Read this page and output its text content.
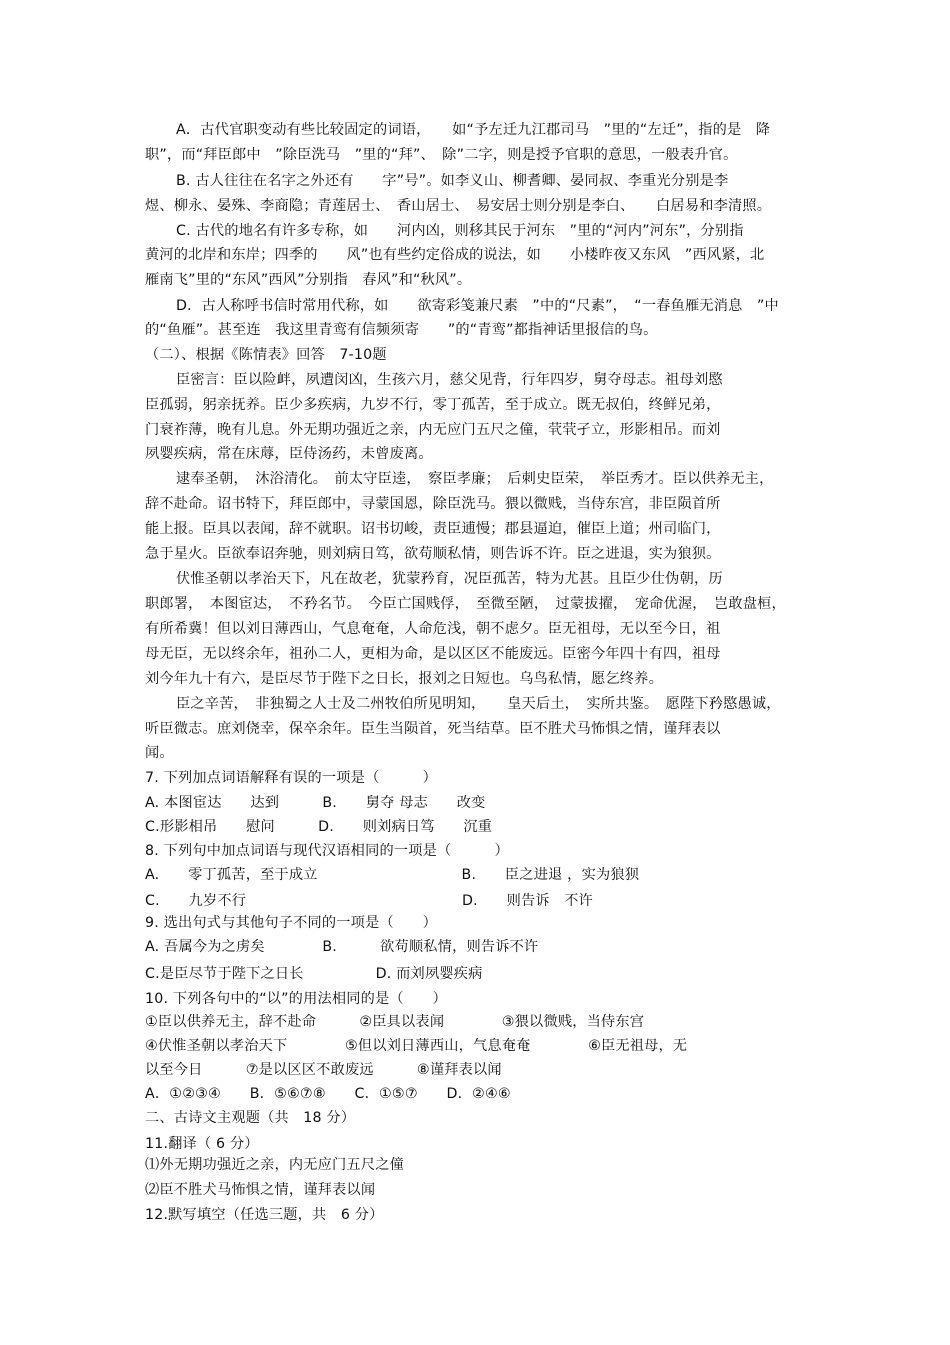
A．古代官职变动有些比较固定的词语，　　如“予左迁九江郡司马　”里的“左迁”，指的是　降

职”，而“拜臣郎中　”除臣洗马　”里的“拜”、　除”二字，则是授予官职的意思，一般表升官。

B. 古人往往在名字之外还有　　字”号”。如李义山、柳耆卿、晏同叔、李重光分别是李

煜、柳永、晏殊、李商隐；青莲居士、　香山居士、　易安居士则分别是李白、　　白居易和李清照。

C. 古代的地名有许多专称，如　　河内凶，则移其民于河东　”里的“河内”河东”，分别指

黄河的北岸和东岸；四季的　　风”也有些约定俗成的说法，如　　小楼昨夜又东风　”西风紧，北

雁南飞”里的“东风”西风”分别指　春风”和“秋风”。

D．古人称呼书信时常用代称，如　　欲寄彩笺兼尺素　”中的“尺素”，　“一春鱼雁无消息　”中

的“鱼雁”。甚至连　我这里青鸾有信频须寄　　”的“青鸾”都指神话里报信的鸟。

（二）、根据《陈情表》回答　7-10题

臣密言：臣以险衅，夙遭闵凶，生孩六月，慈父见背，行年四岁，舅夺母志。祖母刘愍

臣孤弱，躬亲抚养。臣少多疾病，九岁不行，零丁孤苦，至于成立。既无叔伯，终鲜兄弟，

门衰祚薄，晚有儿息。外无期功强近之亲，内无应门五尺之僮，茕茕孑立，形影相吊。而刘

夙婴疾病，常在床蓐，臣侍汤药，未曾废离。

逮奉圣朝，　沐浴清化。　前太守臣逵，　察臣孝廉；　后刺史臣荣，　举臣秀才。臣以供养无主，

辞不赴命。诏书特下，拜臣郎中，寻蒙国恩，除臣洗马。猥以微贱，当侍东宫，非臣陨首所

能上报。臣具以表闻，辞不就职。诏书切峻，责臣逋慢；郡县逼迫，催臣上道；州司临门，

急于星火。臣欲奉诏奔驰，则刘病日笃，欲苟顺私情，则告诉不许。臣之进退，实为狼狈。

伏惟圣朝以孝治天下，凡在故老，犹蒙矜育，况臣孤苦，特为尤甚。且臣少仕伪朝，历

职郎署，　本图宦达，　不矜名节。　今臣亡国贱俘，　至微至陋，　过蒙拔擢，　宠命优渥，　岂敢盘桓，

有所希冀！但以刘日薄西山，气息奄奄，人命危浅，朝不虑夕。臣无祖母，无以至今日，祖

母无臣，无以终余年，祖孙二人，更相为命，是以区区不能废远。臣密今年四十有四，祖母

刘今年九十有六，是臣尽节于陛下之日长，报刘之日短也。乌鸟私情，愿乞终养。

臣之辛苦，　非独蜀之人士及二州牧伯所见明知，　　皇天后土，　实所共鉴。　愿陛下矜愍愚诚，

听臣微志。庶刘侥幸，保卒余年。臣生当陨首，死当结草。臣不胜犬马怖惧之情，谨拜表以

闻。

7. 下列加点词语解释有误的一项是（　　　）

A. 本图宦达　　达到　　　B.　　舅夺 母志　　改变

C.形影相吊　　慰问　　　D.　　则刘病日笃　　沉重

8. 下列句中加点词语与现代汉语相同的一项是（　　　）

A.　　零丁孤苦，至于成立　　　　　　　　　　B.　　臣之进退 ，实为狼狈

C.　　九岁不行　　　　　　　　　　　　　　　D.　　则告诉　不许

9. 选出句式与其他句子不同的一项是（　　）

A. 吾属今为之虏矣　　　　B.　　　欲苟顺私情，则告诉不许

C.是臣尽节于陛下之日长　　　　　D. 而刘夙婴疾病

10. 下列各句中的“以”的用法相同的是（　　）

①臣以供养无主，辞不赴命　　　②臣具以表闻　　　　③猥以微贱，当侍东宫

④伏惟圣朝以孝治天下　　　　⑤但以刘日薄西山，气息奄奄　　　　⑥臣无祖母，无

以至今日　　　⑦是以区区不敢废远　　　⑧谨拜表以闻

A．①②③④　　B．⑤⑥⑦⑧　　C．①⑤⑦　　D．②④⑥

二、古诗文主观题（共　18 分）

11.翻译（ 6 分）

⑴外无期功强近之亲，内无应门五尺之僮

⑵臣不胜犬马怖惧之情，谨拜表以闻

12.默写填空（任选三题，共　6 分）
